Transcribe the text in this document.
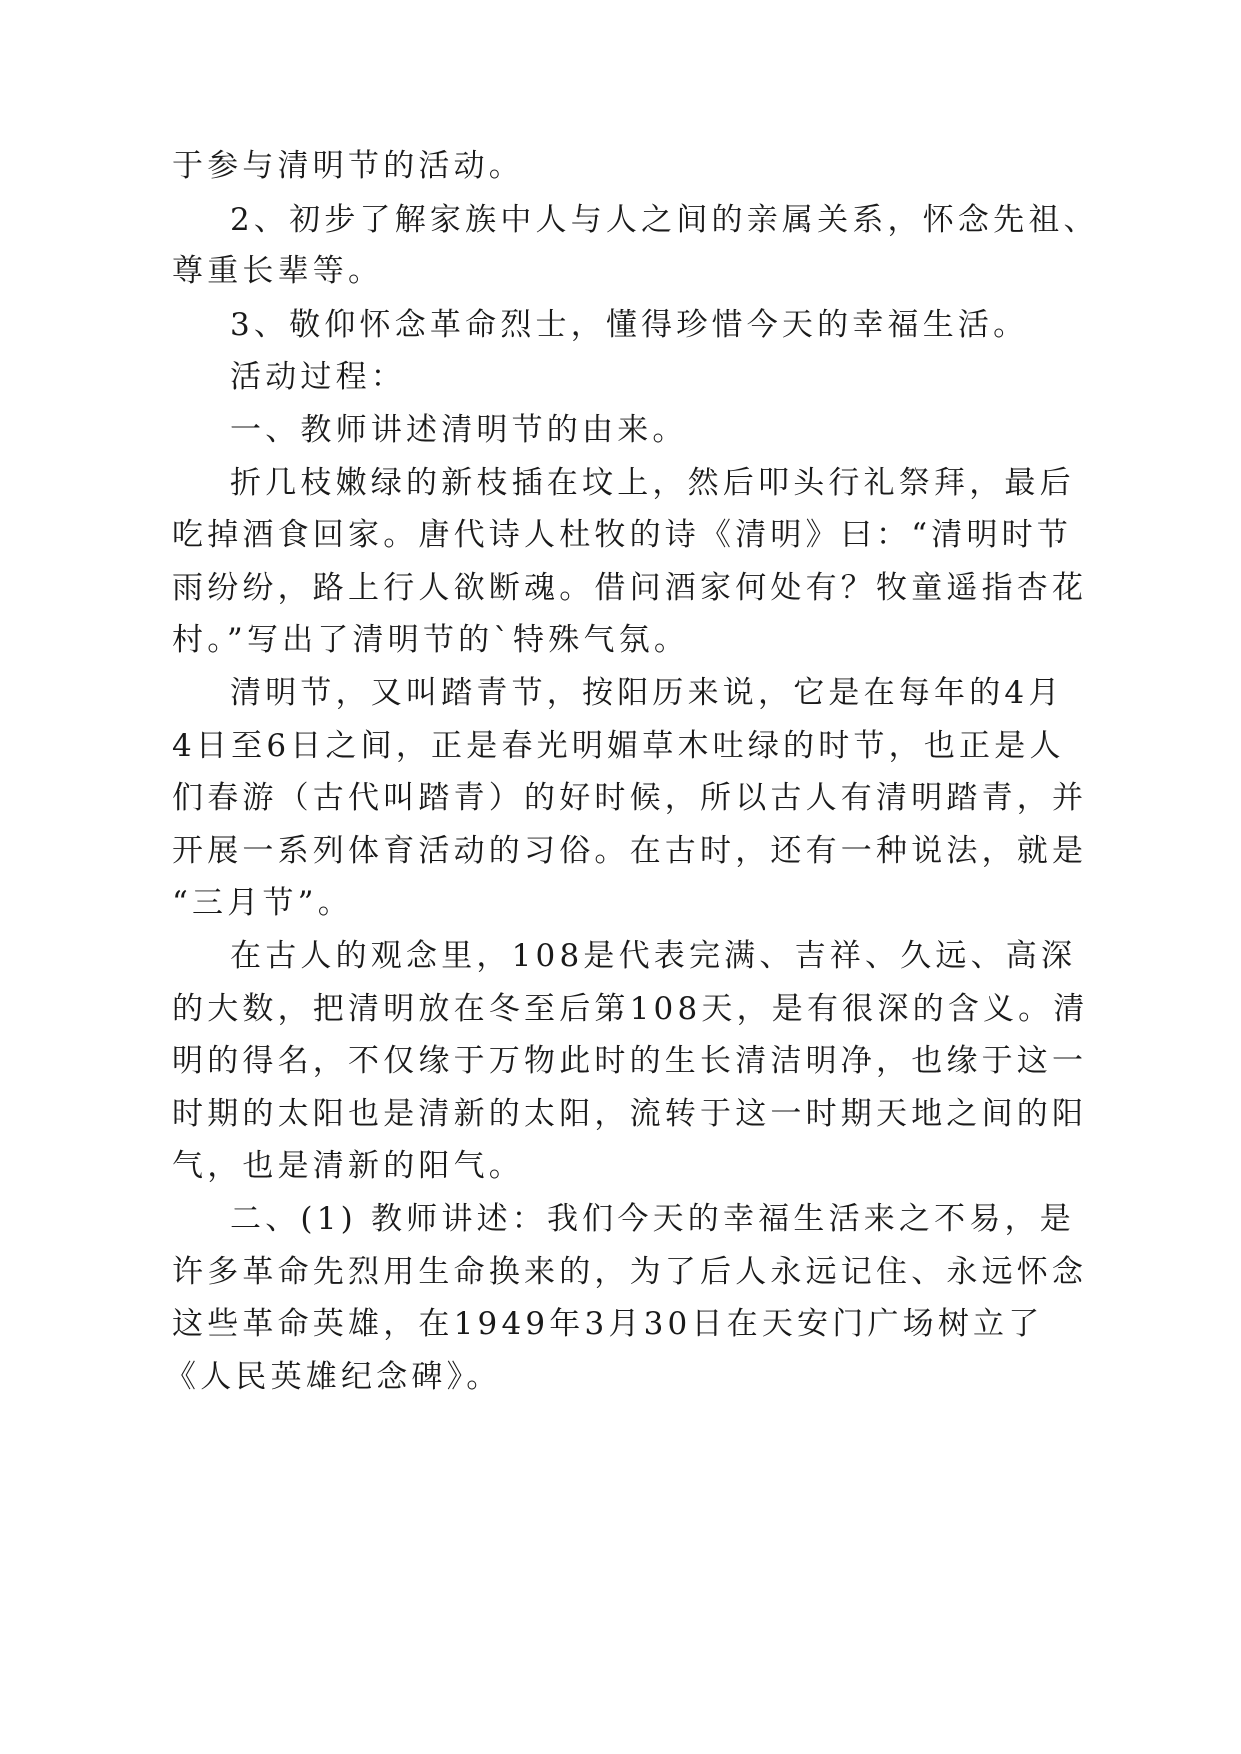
于参与清明节的活动。
2、初步了解家族中人与人之间的亲属关系，怀念先祖、
尊重长辈等。
3、敬仰怀念革命烈士，懂得珍惜今天的幸福生活。
活动过程：
一、教师讲述清明节的由来。
折几枝嫩绿的新枝插在坟上，然后叩头行礼祭拜，最后
吃掉酒食回家。唐代诗人杜牧的诗《清明》曰：“清明时节
雨纷纷，路上行人欲断魂。借问酒家何处有？牧童遥指杏花
村。”写出了清明节的`特殊气氛。
清明节，又叫踏青节，按阳历来说，它是在每年的4月
4日至6日之间，正是春光明媚草木吐绿的时节，也正是人
们春游（古代叫踏青）的好时候，所以古人有清明踏青，并
开展一系列体育活动的习俗。在古时，还有一种说法，就是
“三月节”。
在古人的观念里，108是代表完满、吉祥、久远、高深
的大数，把清明放在冬至后第108天，是有很深的含义。清
明的得名，不仅缘于万物此时的生长清洁明净，也缘于这一
时期的太阳也是清新的太阳，流转于这一时期天地之间的阳
气，也是清新的阳气。
二、(1) 教师讲述：我们今天的幸福生活来之不易，是
许多革命先烈用生命换来的，为了后人永远记住、永远怀念
这些革命英雄，在1949年3月30日在天安门广场树立了
《人民英雄纪念碑》。
